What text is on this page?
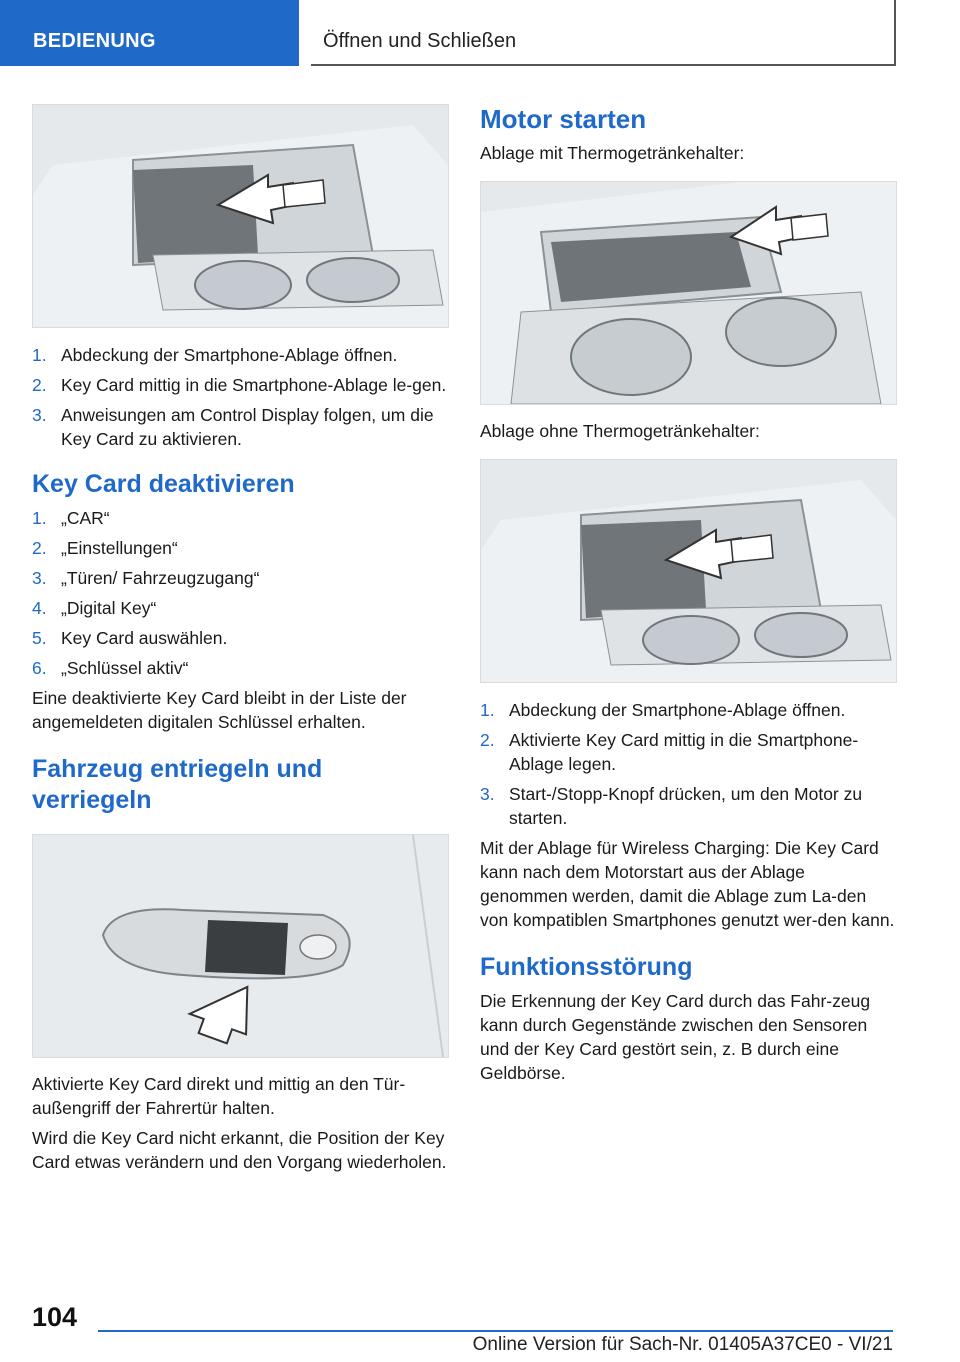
BEDIENUNG	Öffnen und Schließen
1. Abdeckung der Smartphone-Ablage öffnen.
2. Key Card mittig in die Smartphone-Ablage le-gen.
3. Anweisungen am Control Display folgen, um die Key Card zu aktivieren.
Key Card deaktivieren
1. „CAR“
2. „Einstellungen“
3. „Türen/ Fahrzeugzugang“
4. „Digital Key“
5. Key Card auswählen.
6. „Schlüssel aktiv“

Eine deaktivierte Key Card bleibt in der Liste der angemeldeten digitalen Schlüssel erhalten.

Fahrzeug entriegeln und verriegeln

Aktivierte Key Card direkt und mittig an den Tür-außengriff der Fahrertür halten.

Wird die Key Card nicht erkannt, die Position der Key Card etwas verändern und den Vorgang wiederholen.

Motor starten

Ablage mit Thermogetränkehalter:

Ablage ohne Thermogetränkehalter:

1. Abdeckung der Smartphone-Ablage öffnen.
2. Aktivierte Key Card mittig in die Smartphone-Ablage legen.
3. Start-/Stopp-Knopf drücken, um den Motor zu starten.

Mit der Ablage für Wireless Charging: Die Key Card kann nach dem Motorstart aus der Ablage genommen werden, damit die Ablage zum La-den von kompatiblen Smartphones genutzt wer-den kann.

Funktionsstörung

Die Erkennung der Key Card durch das Fahr-zeug kann durch Gegenstände zwischen den Sensoren und der Key Card gestört sein, z. B durch eine Geldbörse.

104
Online Version für Sach-Nr. 01405A37CE0 - VI/21
